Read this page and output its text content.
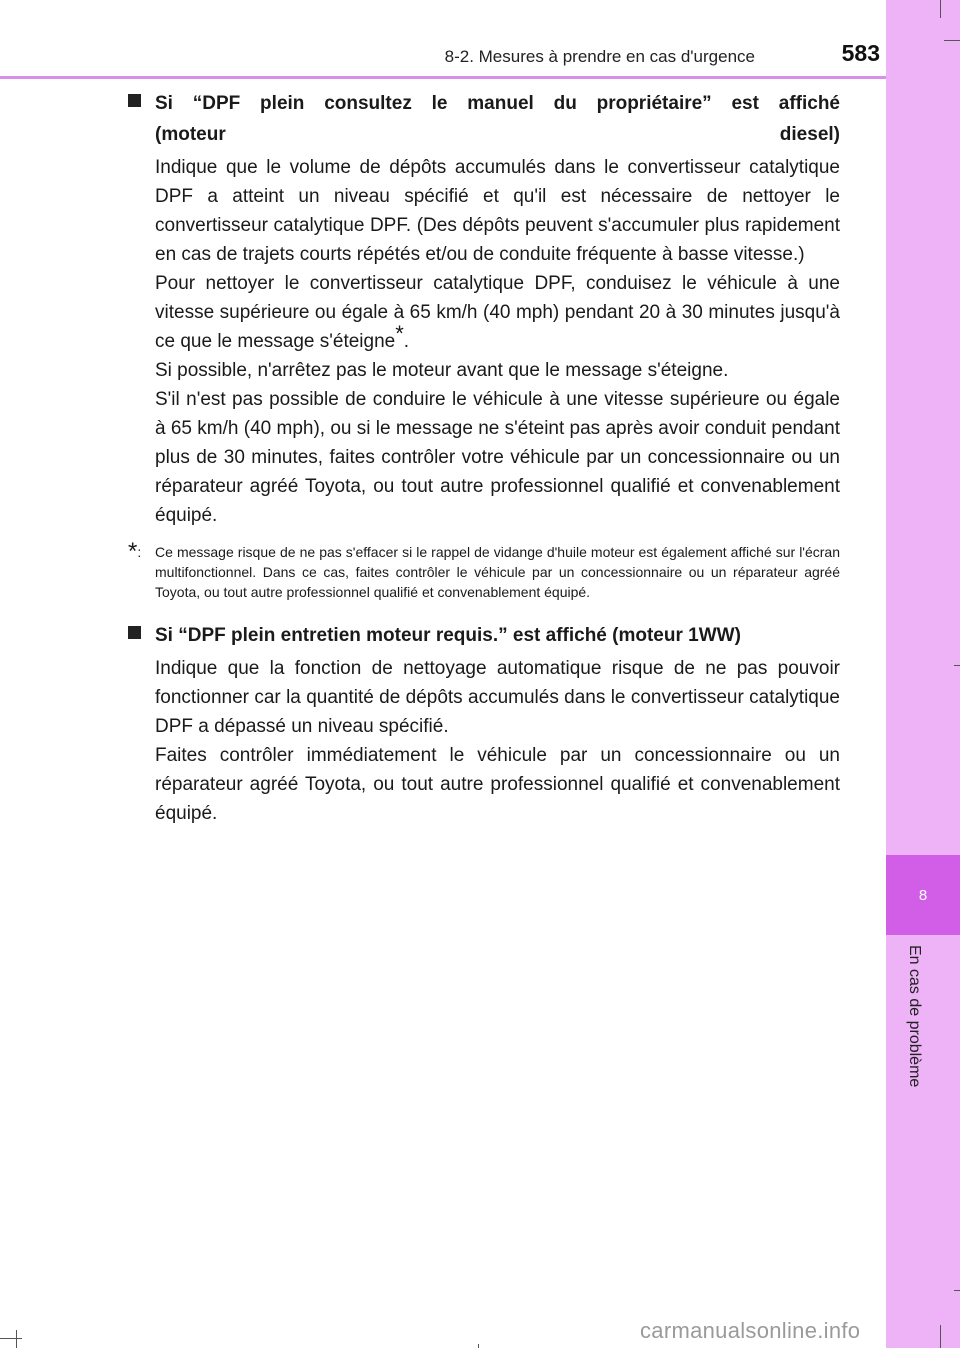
8
En cas de problème
8-2. Mesures à prendre en cas d'urgence	583

Si “DPF plein consultez le manuel du propriétaire” est affiché
(moteur diesel)

Indique que le volume de dépôts accumulés dans le convertisseur catalytique DPF a atteint un niveau spécifié et qu'il est nécessaire de nettoyer le convertisseur catalytique DPF. (Des dépôts peuvent s'accumuler plus rapidement en cas de trajets courts répétés et/ou de conduite fréquente à basse vitesse.)

Pour nettoyer le convertisseur catalytique DPF, conduisez le véhicule à une vitesse supérieure ou égale à 65 km/h (40 mph) pendant 20 à 30 minutes jusqu'à ce que le message s'éteigne*.

Si possible, n'arrêtez pas le moteur avant que le message s'éteigne.

S'il n'est pas possible de conduire le véhicule à une vitesse supérieure ou égale à 65 km/h (40 mph), ou si le message ne s'éteint pas après avoir conduit pendant plus de 30 minutes, faites contrôler votre véhicule par un concessionnaire ou un réparateur agréé Toyota, ou tout autre professionnel qualifié et convenablement équipé.

*: Ce message risque de ne pas s'effacer si le rappel de vidange d'huile moteur est également affiché sur l'écran multifonctionnel. Dans ce cas, faites contrôler le véhicule par un concessionnaire ou un réparateur agréé Toyota, ou tout autre professionnel qualifié et convenablement équipé.

Si “DPF plein entretien moteur requis.” est affiché (moteur 1WW)

Indique que la fonction de nettoyage automatique risque de ne pas pouvoir fonctionner car la quantité de dépôts accumulés dans le convertisseur catalytique DPF a dépassé un niveau spécifié.

Faites contrôler immédiatement le véhicule par un concessionnaire ou un réparateur agréé Toyota, ou tout autre professionnel qualifié et convenablement équipé.

carmanualsonline.info
